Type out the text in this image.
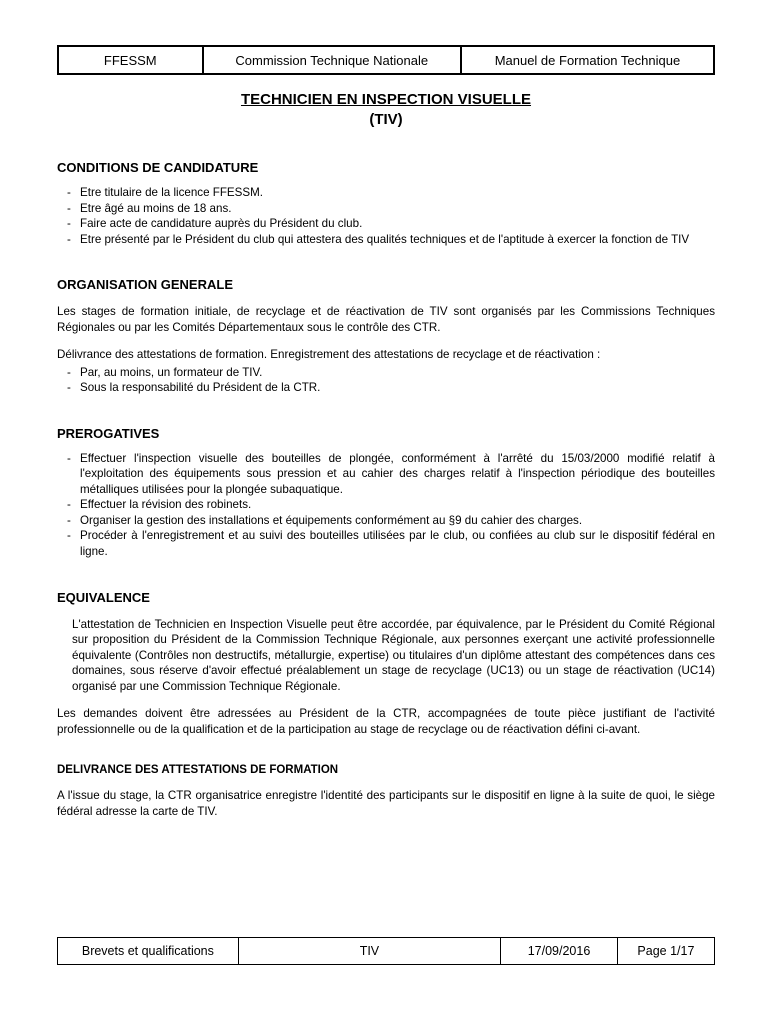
FFESSM	Commission Technique Nationale	Manuel de Formation Technique
TECHNICIEN EN INSPECTION VISUELLE
(TIV)
CONDITIONS DE CANDIDATURE
- Etre titulaire de la licence FFESSM.
- Etre âgé au moins de 18 ans.
- Faire acte de candidature auprès du Président du club.
- Etre présenté par le Président du club qui attestera des qualités techniques et de l'aptitude à exercer la fonction de TIV
ORGANISATION GENERALE

Les stages de formation initiale, de recyclage et de réactivation de TIV sont organisés par les Commissions Techniques Régionales ou par les Comités Départementaux sous le contrôle des CTR.

Délivrance des attestations de formation. Enregistrement des attestations de recyclage et de réactivation :

- Par, au moins, un formateur de TIV.
- Sous la responsabilité du Président de la CTR.
PREROGATIVES
- Effectuer l'inspection visuelle des bouteilles de plongée, conformément à l'arrêté du 15/03/2000 modifié relatif à l'exploitation des équipements sous pression et au cahier des charges relatif à l'inspection périodique des bouteilles métalliques utilisées pour la plongée subaquatique.
- Effectuer la révision des robinets.
- Organiser la gestion des installations et équipements conformément au §9 du cahier des charges.
- Procéder à l'enregistrement et au suivi des bouteilles utilisées par le club, ou confiées au club sur le dispositif fédéral en ligne.
EQUIVALENCE

L'attestation de Technicien en Inspection Visuelle peut être accordée, par équivalence, par le Président du Comité Régional sur proposition du Président de la Commission Technique Régionale, aux personnes exerçant une activité professionnelle équivalente (Contrôles non destructifs, métallurgie, expertise) ou titulaires d'un diplôme attestant des compétences dans ces domaines, sous réserve d'avoir effectué préalablement un stage de recyclage (UC13) ou un stage de réactivation (UC14) organisé par une Commission Technique Régionale.

Les demandes doivent être adressées au Président de la CTR, accompagnées de toute pièce justifiant de l'activité professionnelle ou de la qualification et de la participation au stage de recyclage ou de réactivation défini ci-avant.

DELIVRANCE DES ATTESTATIONS DE FORMATION

A l'issue du stage, la CTR organisatrice enregistre l'identité des participants sur le dispositif en ligne à la suite de quoi, le siège fédéral adresse la carte de TIV.

Brevets et qualifications	TIV	17/09/2016	Page 1/17
